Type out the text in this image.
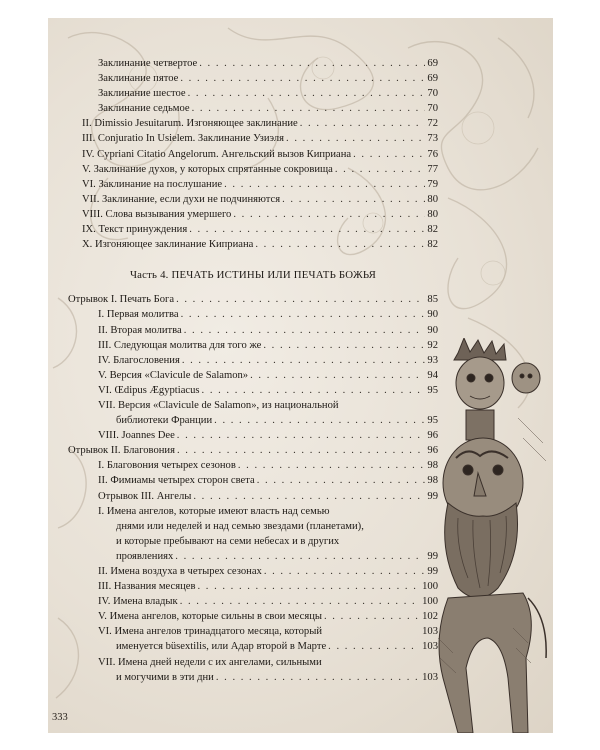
Заклинание четвертое . . .	69
Заклинание пятое . . .	69
Заклинание шестое . . .	70
Заклинание седьмое . . .	70
II. Dimissio Jesuitarum. Изгоняющее заклинание . . .	72
III. Conjuratio In Usielem. Заклинание Узиэля . . .	73
IV. Cypriani Citatio Angelorum. Ангельский вызов Киприана . . .	76
V. Заклинание духов, у которых спрятанные сокровища . . .	77
VI. Заклинание на послушание . . .	79
VII. Заклинание, если духи не подчиняются . . .	80
VIII. Слова вызывания умершего . . .	80
IX. Текст принуждения . . .	82
X. Изгоняющее заклинание Киприана . . .	82
Часть 4. ПЕЧАТЬ ИСТИНЫ ИЛИ ПЕЧАТЬ БОЖЬЯ
Отрывок I. Печать Бога . . .	85
I. Первая молитва . . .	90
II. Вторая молитва . . .	90
III. Следующая молитва для того же . . .	92
IV. Благословения . . .	93
V. Версия «Clavicule de Salamon» . . .	94
VI. Œdipus Ægyptiacus . . .	95
VII. Версия «Clavicule de Salamon», из национальной
библиотеки Франции . . .	95
VIII. Joannes Dee . . .	96
Отрывок II. Благовония . . .	96
I. Благовония четырех сезонов . . .	98
II. Фимиамы четырех сторон света . . .	98
Отрывок III. Ангелы . . .	99
I. Имена ангелов, которые имеют власть над семью
днями или неделей и над семью звездами (планетами),
и которые пребывают на семи небесах и в других
проявлениях . . .	99
II. Имена воздуха в четырех сезонах . . .	99
III. Названия месяцев . . .	100
IV. Имена владык . . .	100
V. Имена ангелов, которые сильны в свои месяцы . . .	102
VI. Имена ангелов тринадцатого месяца, который	103
именуется büsextilis, или Адар второй в Марте . . .	103
VII. Имена дней недели с их ангелами, сильными
и могучими в эти дни . . .	103
333
